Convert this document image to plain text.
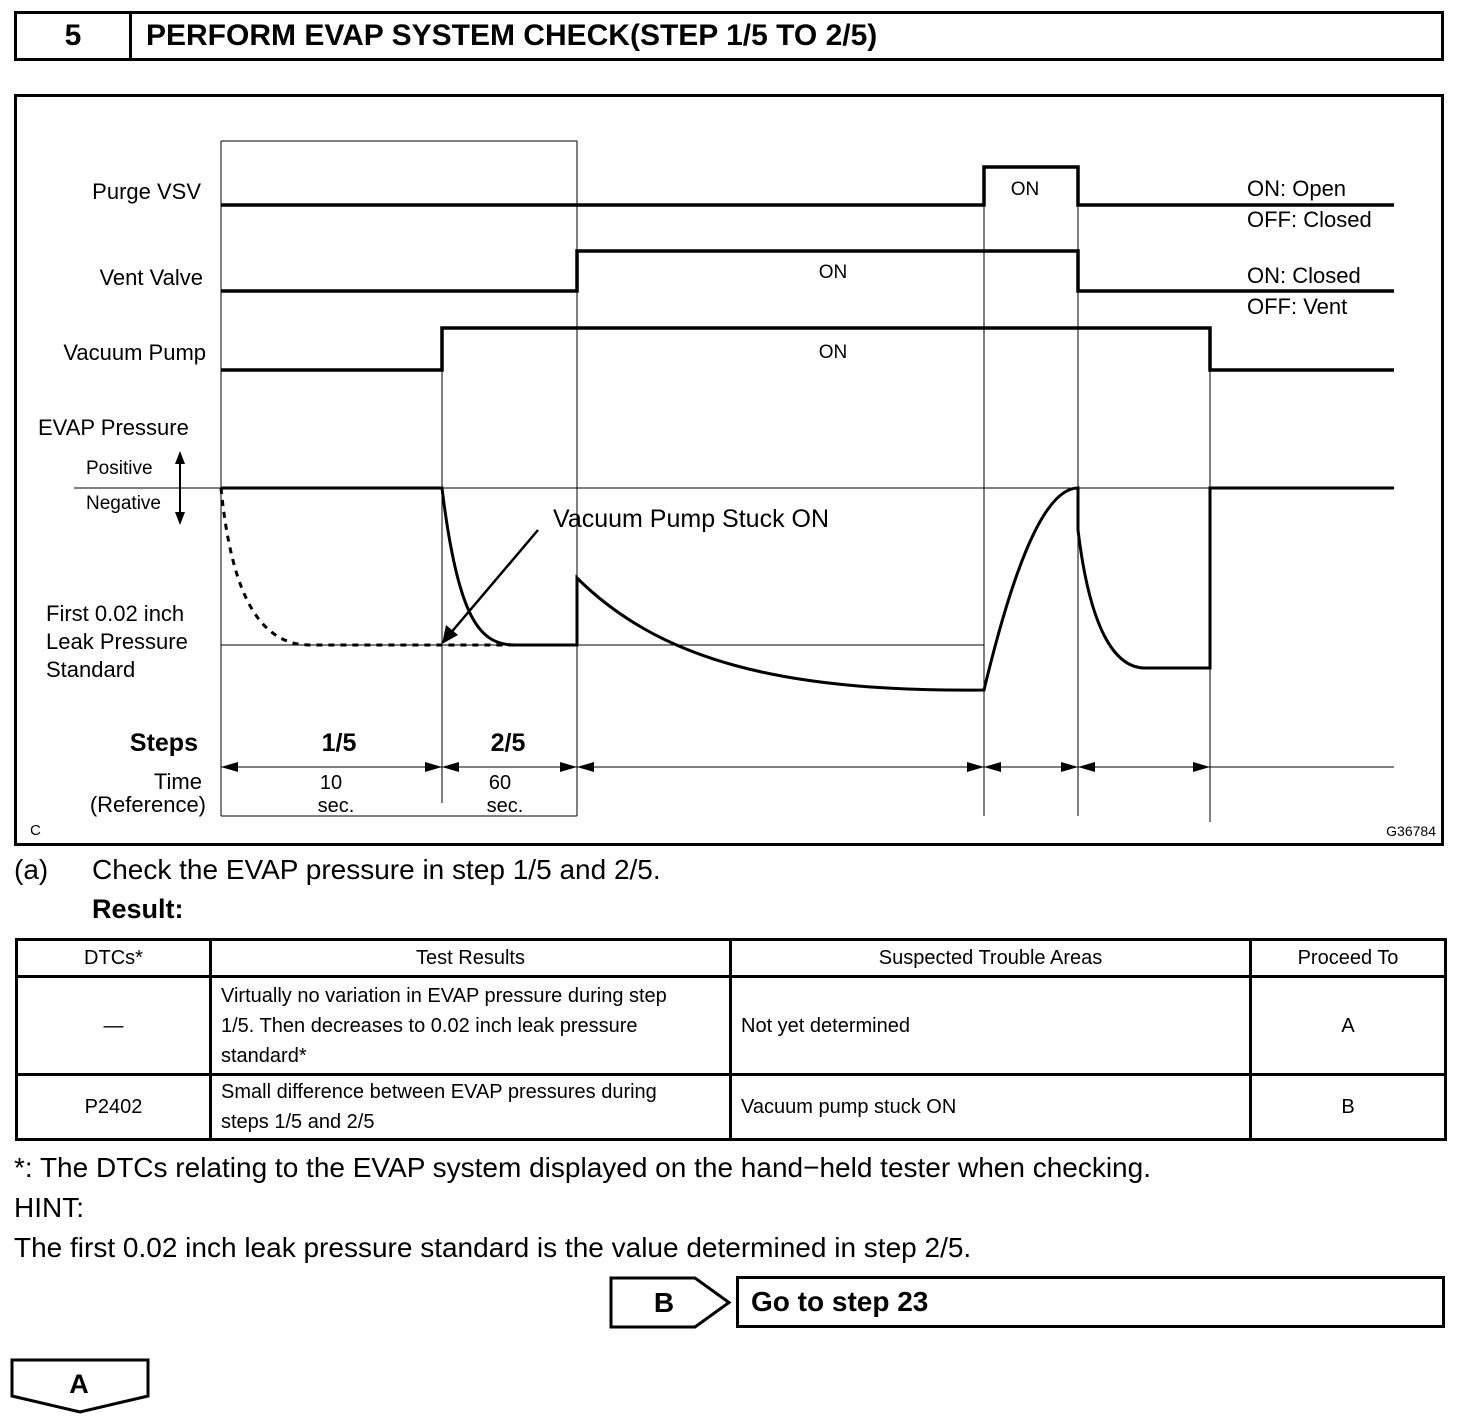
5	PERFORM EVAP SYSTEM CHECK(STEP 1/5 TO 2/5)
Purge VSV
Vent Valve
Vacuum Pump
EVAP Pressure
Positive
Negative
First 0.02 inch
Leak Pressure
Standard
ON
ON
ON
ON: Open
OFF: Closed
ON: Closed
OFF: Vent
Vacuum Pump Stuck ON
Steps	1/5	2/5
Time
(Reference)
10
sec.
60
sec.
C	G36784
(a)	Check the EVAP pressure in step 1/5 and 2/5.
Result:
DTCs*	Test Results	Suspected Trouble Areas	Proceed To
—	Virtually no variation in EVAP pressure during step
1/5. Then decreases to 0.02 inch leak pressure
standard*	Not yet determined	A
P2402	Small difference between EVAP pressures during
steps 1/5 and 2/5	Vacuum pump stuck ON	B
*: The DTCs relating to the EVAP system displayed on the hand−held tester when checking.
HINT:
The first 0.02 inch leak pressure standard is the value determined in step 2/5.
B	Go to step 23
A
